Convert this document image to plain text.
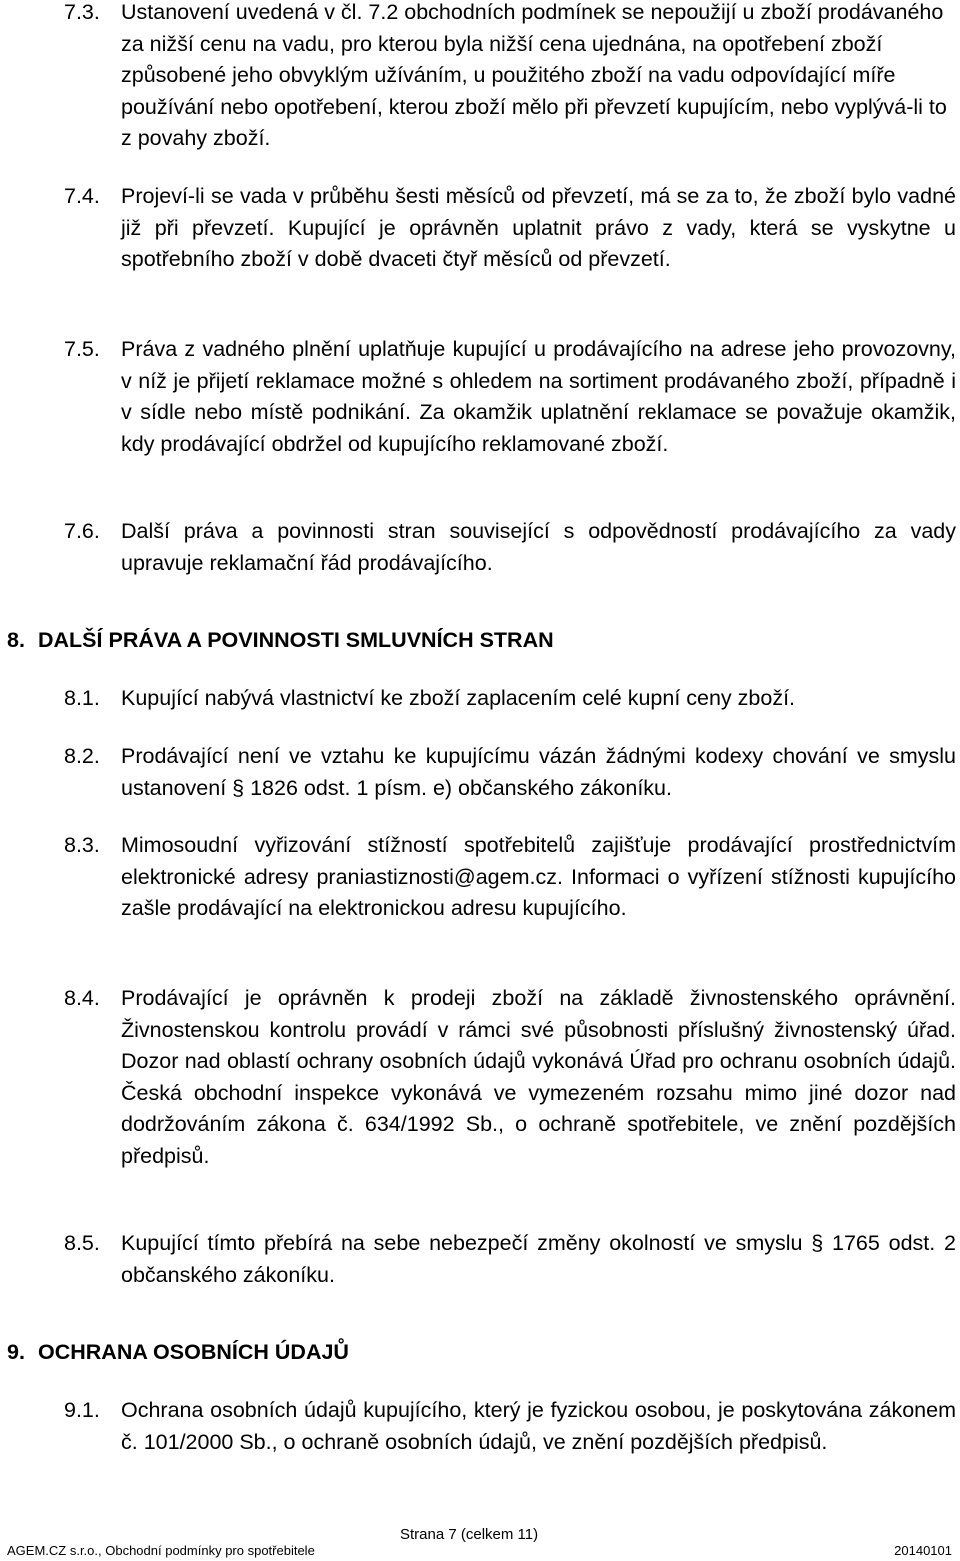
7.3. Ustanovení uvedená v čl. 7.2 obchodních podmínek se nepoužijí u zboží prodávaného za nižší cenu na vadu, pro kterou byla nižší cena ujednána, na opotřebení zboží způsobené jeho obvyklým užíváním, u použitého zboží na vadu odpovídající míře používání nebo opotřebení, kterou zboží mělo při převzetí kupujícím, nebo vyplývá-li to z povahy zboží.
7.4. Projeví-li se vada v průběhu šesti měsíců od převzetí, má se za to, že zboží bylo vadné již při převzetí. Kupující je oprávněn uplatnit právo z vady, která se vyskytne u spotřebního zboží v době dvaceti čtyř měsíců od převzetí.
7.5. Práva z vadného plnění uplatňuje kupující u prodávajícího na adrese jeho provozovny, v níž je přijetí reklamace možné s ohledem na sortiment prodávaného zboží, případně i v sídle nebo místě podnikání. Za okamžik uplatnění reklamace se považuje okamžik, kdy prodávající obdržel od kupujícího reklamované zboží.
7.6. Další práva a povinnosti stran související s odpovědností prodávajícího za vady upravuje reklamační řád prodávajícího.
8. DALŠÍ PRÁVA A POVINNOSTI SMLUVNÍCH STRAN
8.1. Kupující nabývá vlastnictví ke zboží zaplacením celé kupní ceny zboží.
8.2. Prodávající není ve vztahu ke kupujícímu vázán žádnými kodexy chování ve smyslu ustanovení § 1826 odst. 1 písm. e) občanského zákoníku.
8.3. Mimosoudní vyřizování stížností spotřebitelů zajišťuje prodávající prostřednictvím elektronické adresy praniastiznosti@agem.cz. Informaci o vyřízení stížnosti kupujícího zašle prodávající na elektronickou adresu kupujícího.
8.4. Prodávající je oprávněn k prodeji zboží na základě živnostenského oprávnění. Živnostenskou kontrolu provádí v rámci své působnosti příslušný živnostenský úřad. Dozor nad oblastí ochrany osobních údajů vykonává Úřad pro ochranu osobních údajů. Česká obchodní inspekce vykonává ve vymezeném rozsahu mimo jiné dozor nad dodržováním zákona č. 634/1992 Sb., o ochraně spotřebitele, ve znění pozdějších předpisů.
8.5. Kupující tímto přebírá na sebe nebezpečí změny okolností ve smyslu § 1765 odst. 2 občanského zákoníku.
9. OCHRANA OSOBNÍCH ÚDAJŮ
9.1. Ochrana osobních údajů kupujícího, který je fyzickou osobou, je poskytována zákonem č. 101/2000 Sb., o ochraně osobních údajů, ve znění pozdějších předpisů.
Strana 7 (celkem 11)
AGEM.CZ s.r.o., Obchodní podmínky pro spotřebitele	20140101
